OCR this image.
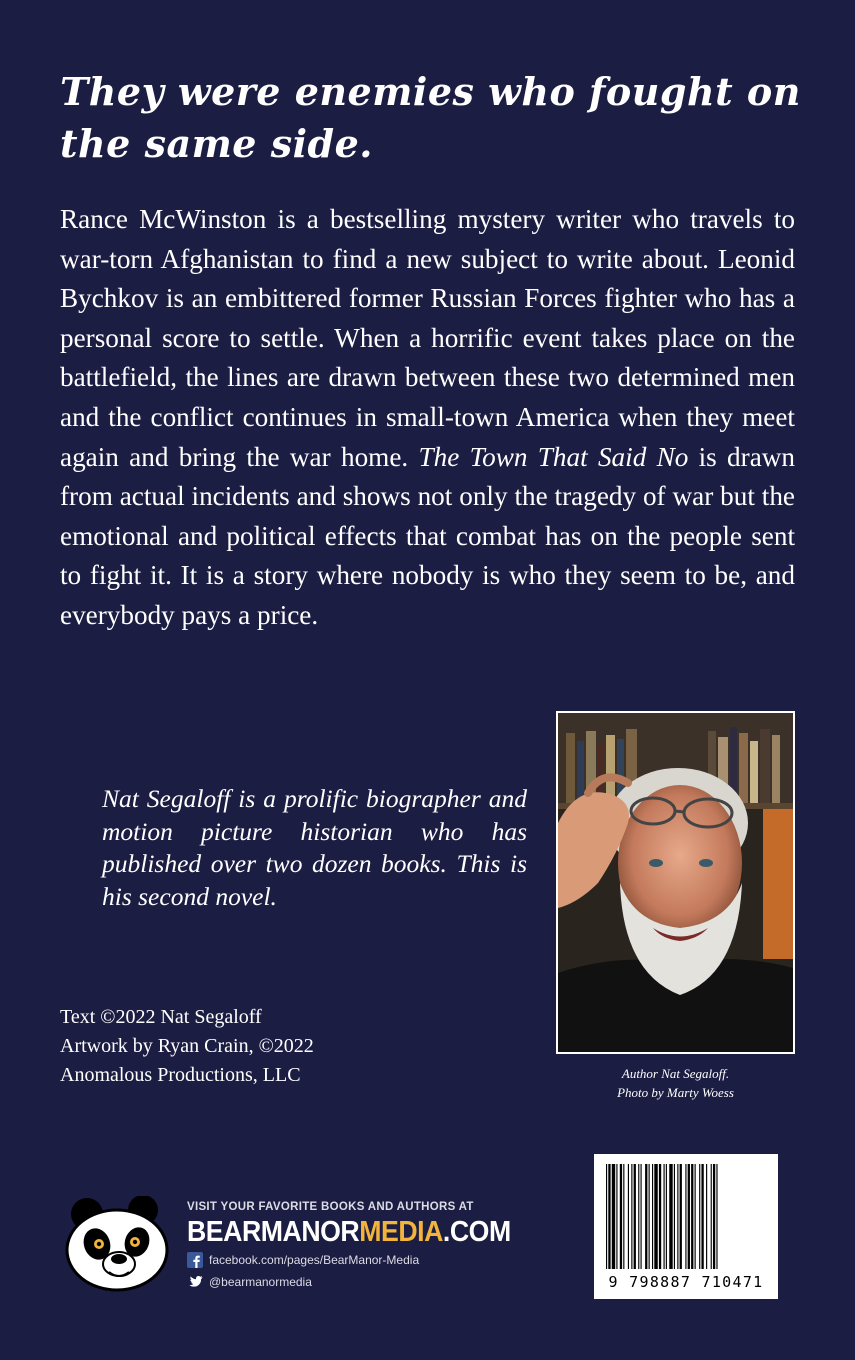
They were enemies who fought on the same side.

Rance McWinston is a bestselling mystery writer who travels to war-torn Afghanistan to find a new subject to write about. Leonid Bychkov is an embittered former Russian Forces fighter who has a personal score to settle. When a horrific event takes place on the battlefield, the lines are drawn between these two determined men and the conflict continues in small-town America when they meet again and bring the war home. The Town That Said No is drawn from actual incidents and shows not only the tragedy of war but the emotional and political effects that combat has on the people sent to fight it. It is a story where nobody is who they seem to be, and everybody pays a price.

Nat Segaloff is a prolific biographer and motion picture historian who has published over two dozen books. This is his second novel.

Author Nat Segaloff.
Photo by Marty Woess
Text ©2022 Nat Segaloff
Artwork by Ryan Crain, ©2022
Anomalous Productions, LLC
VISIT YOUR FAVORITE BOOKS AND AUTHORS AT
BEARMANORMEDIA.COM
facebook.com/pages/BearManor-Media
@bearmanormedia	9 798887 710471
